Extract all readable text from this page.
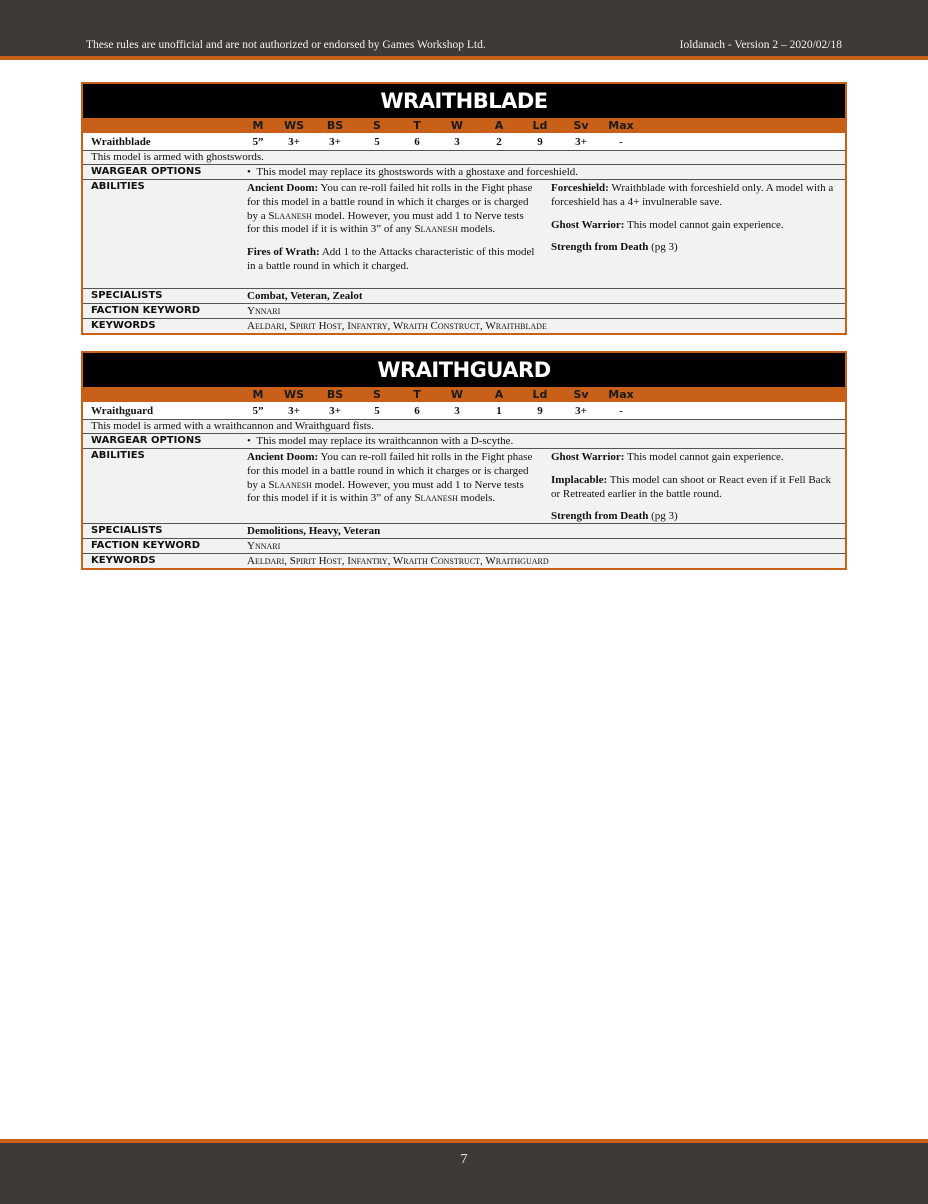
These rules are unofficial and are not authorized or endorsed by Games Workshop Ltd.	Ioldanach - Version 2 – 2020/02/18
WRAITHBLADE
M	WS	BS	S	T	W	A	Ld	Sv	Max
Wraithblade	5”	3+	3+	5	6	3	2	9	3+	-
This model is armed with ghostswords.
WARGEAR OPTIONS	•  This model may replace its ghostswords with a ghostaxe and forceshield.
ABILITIES	Ancient Doom: You can re-roll failed hit rolls in the Fight phase for this model in a battle round in which it charges or is charged by a Slaanesh model. However, you must add 1 to Nerve tests for this model if it is within 3” of any Slaanesh models.

Fires of Wrath: Add 1 to the Attacks characteristic of this model in a battle round in which it charged.

Forceshield: Wraithblade with forceshield only. A model with a forceshield has a 4+ invulnerable save.

Ghost Warrior: This model cannot gain experience.

Strength from Death (pg 3)

SPECIALISTS	Combat, Veteran, Zealot
FACTION KEYWORD	Ynnari
KEYWORDS	Aeldari, Spirit Host, Infantry, Wraith Construct, Wraithblade
WRAITHGUARD
M	WS	BS	S	T	W	A	Ld	Sv	Max
Wraithguard	5”	3+	3+	5	6	3	1	9	3+	-
This model is armed with a wraithcannon and Wraithguard fists.
WARGEAR OPTIONS	•  This model may replace its wraithcannon with a D-scythe.
ABILITIES	Ancient Doom: You can re-roll failed hit rolls in the Fight phase for this model in a battle round in which it charges or is charged by a Slaanesh model. However, you must add 1 to Nerve tests for this model if it is within 3” of any Slaanesh models.

Ghost Warrior: This model cannot gain experience.

Implacable: This model can shoot or React even if it Fell Back or Retreated earlier in the battle round.

Strength from Death (pg 3)

SPECIALISTS	Demolitions, Heavy, Veteran
FACTION KEYWORD	Ynnari
KEYWORDS	Aeldari, Spirit Host, Infantry, Wraith Construct, Wraithguard
7
